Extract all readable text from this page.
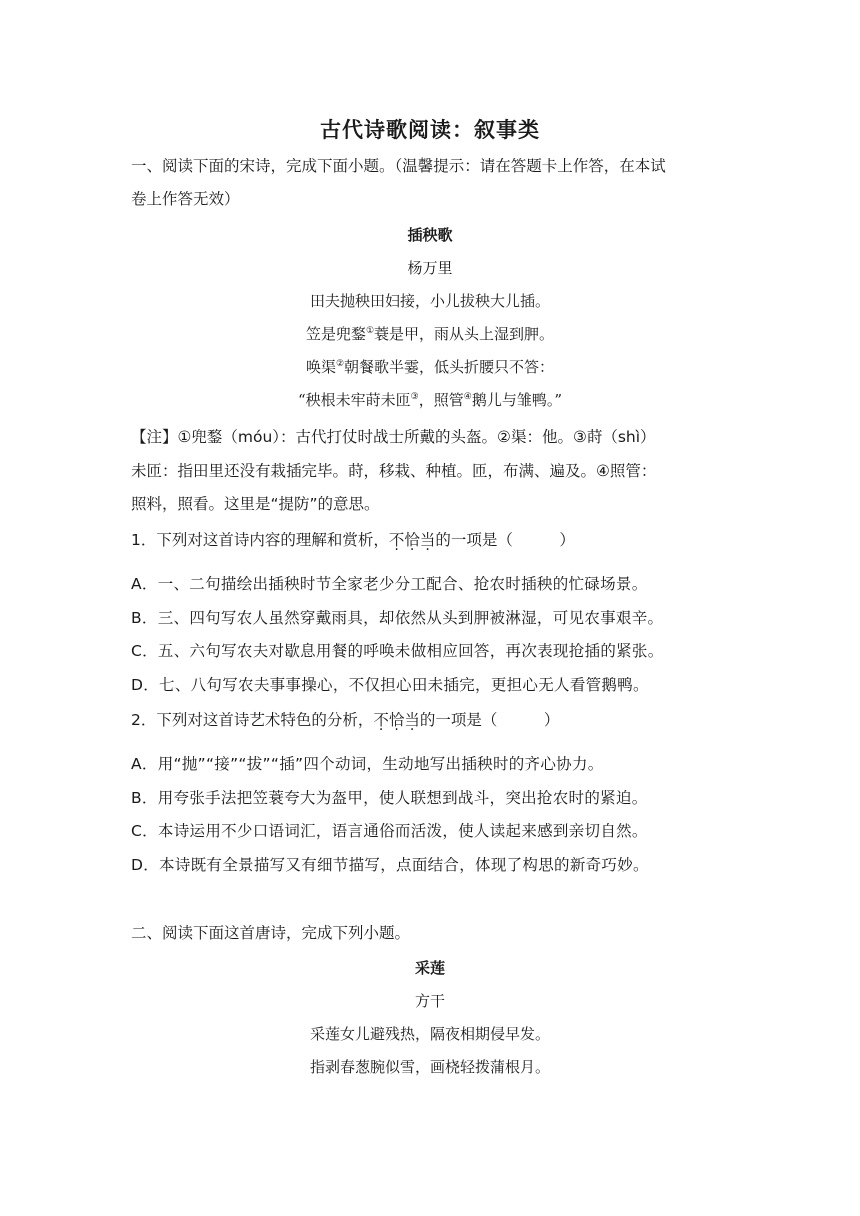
古代诗歌阅读：叙事类
一、阅读下面的宋诗，完成下面小题。（温馨提示：请在答题卡上作答，在本试
卷上作答无效）
插秧歌
杨万里
田夫抛秧田妇接，小儿拔秧大儿插。
笠是兜鍪①蓑是甲，雨从头上湿到胛。
唤渠②朝餐歌半霎，低头折腰只不答：
“秧根未牢莳未匝③，照管④鹅儿与雏鸭。”
【注】①兜鍪（móu）：古代打仗时战士所戴的头盔。②渠：他。③莳（shì）
未匝：指田里还没有栽插完毕。莳，移栽、种植。匝，布满、遍及。④照管：
照料，照看。这里是“提防”的意思。
1．下列对这首诗内容的理解和赏析，不恰当的一项是（　　　）
A．一、二句描绘出插秧时节全家老少分工配合、抢农时插秧的忙碌场景。
B．三、四句写农人虽然穿戴雨具，却依然从头到胛被淋湿，可见农事艰辛。
C．五、六句写农夫对歇息用餐的呼唤未做相应回答，再次表现抢插的紧张。
D．七、八句写农夫事事操心，不仅担心田未插完，更担心无人看管鹅鸭。
2．下列对这首诗艺术特色的分析，不恰当的一项是（　　　）
A．用“抛”“接”“拔”“插”四个动词，生动地写出插秧时的齐心协力。
B．用夸张手法把笠蓑夸大为盔甲，使人联想到战斗，突出抢农时的紧迫。
C．本诗运用不少口语词汇，语言通俗而活泼，使人读起来感到亲切自然。
D．本诗既有全景描写又有细节描写，点面结合，体现了构思的新奇巧妙。
二、阅读下面这首唐诗，完成下列小题。
采莲
方干
采莲女儿避残热，隔夜相期侵早发。
指剥春葱腕似雪，画桡轻拨蒲根月。
